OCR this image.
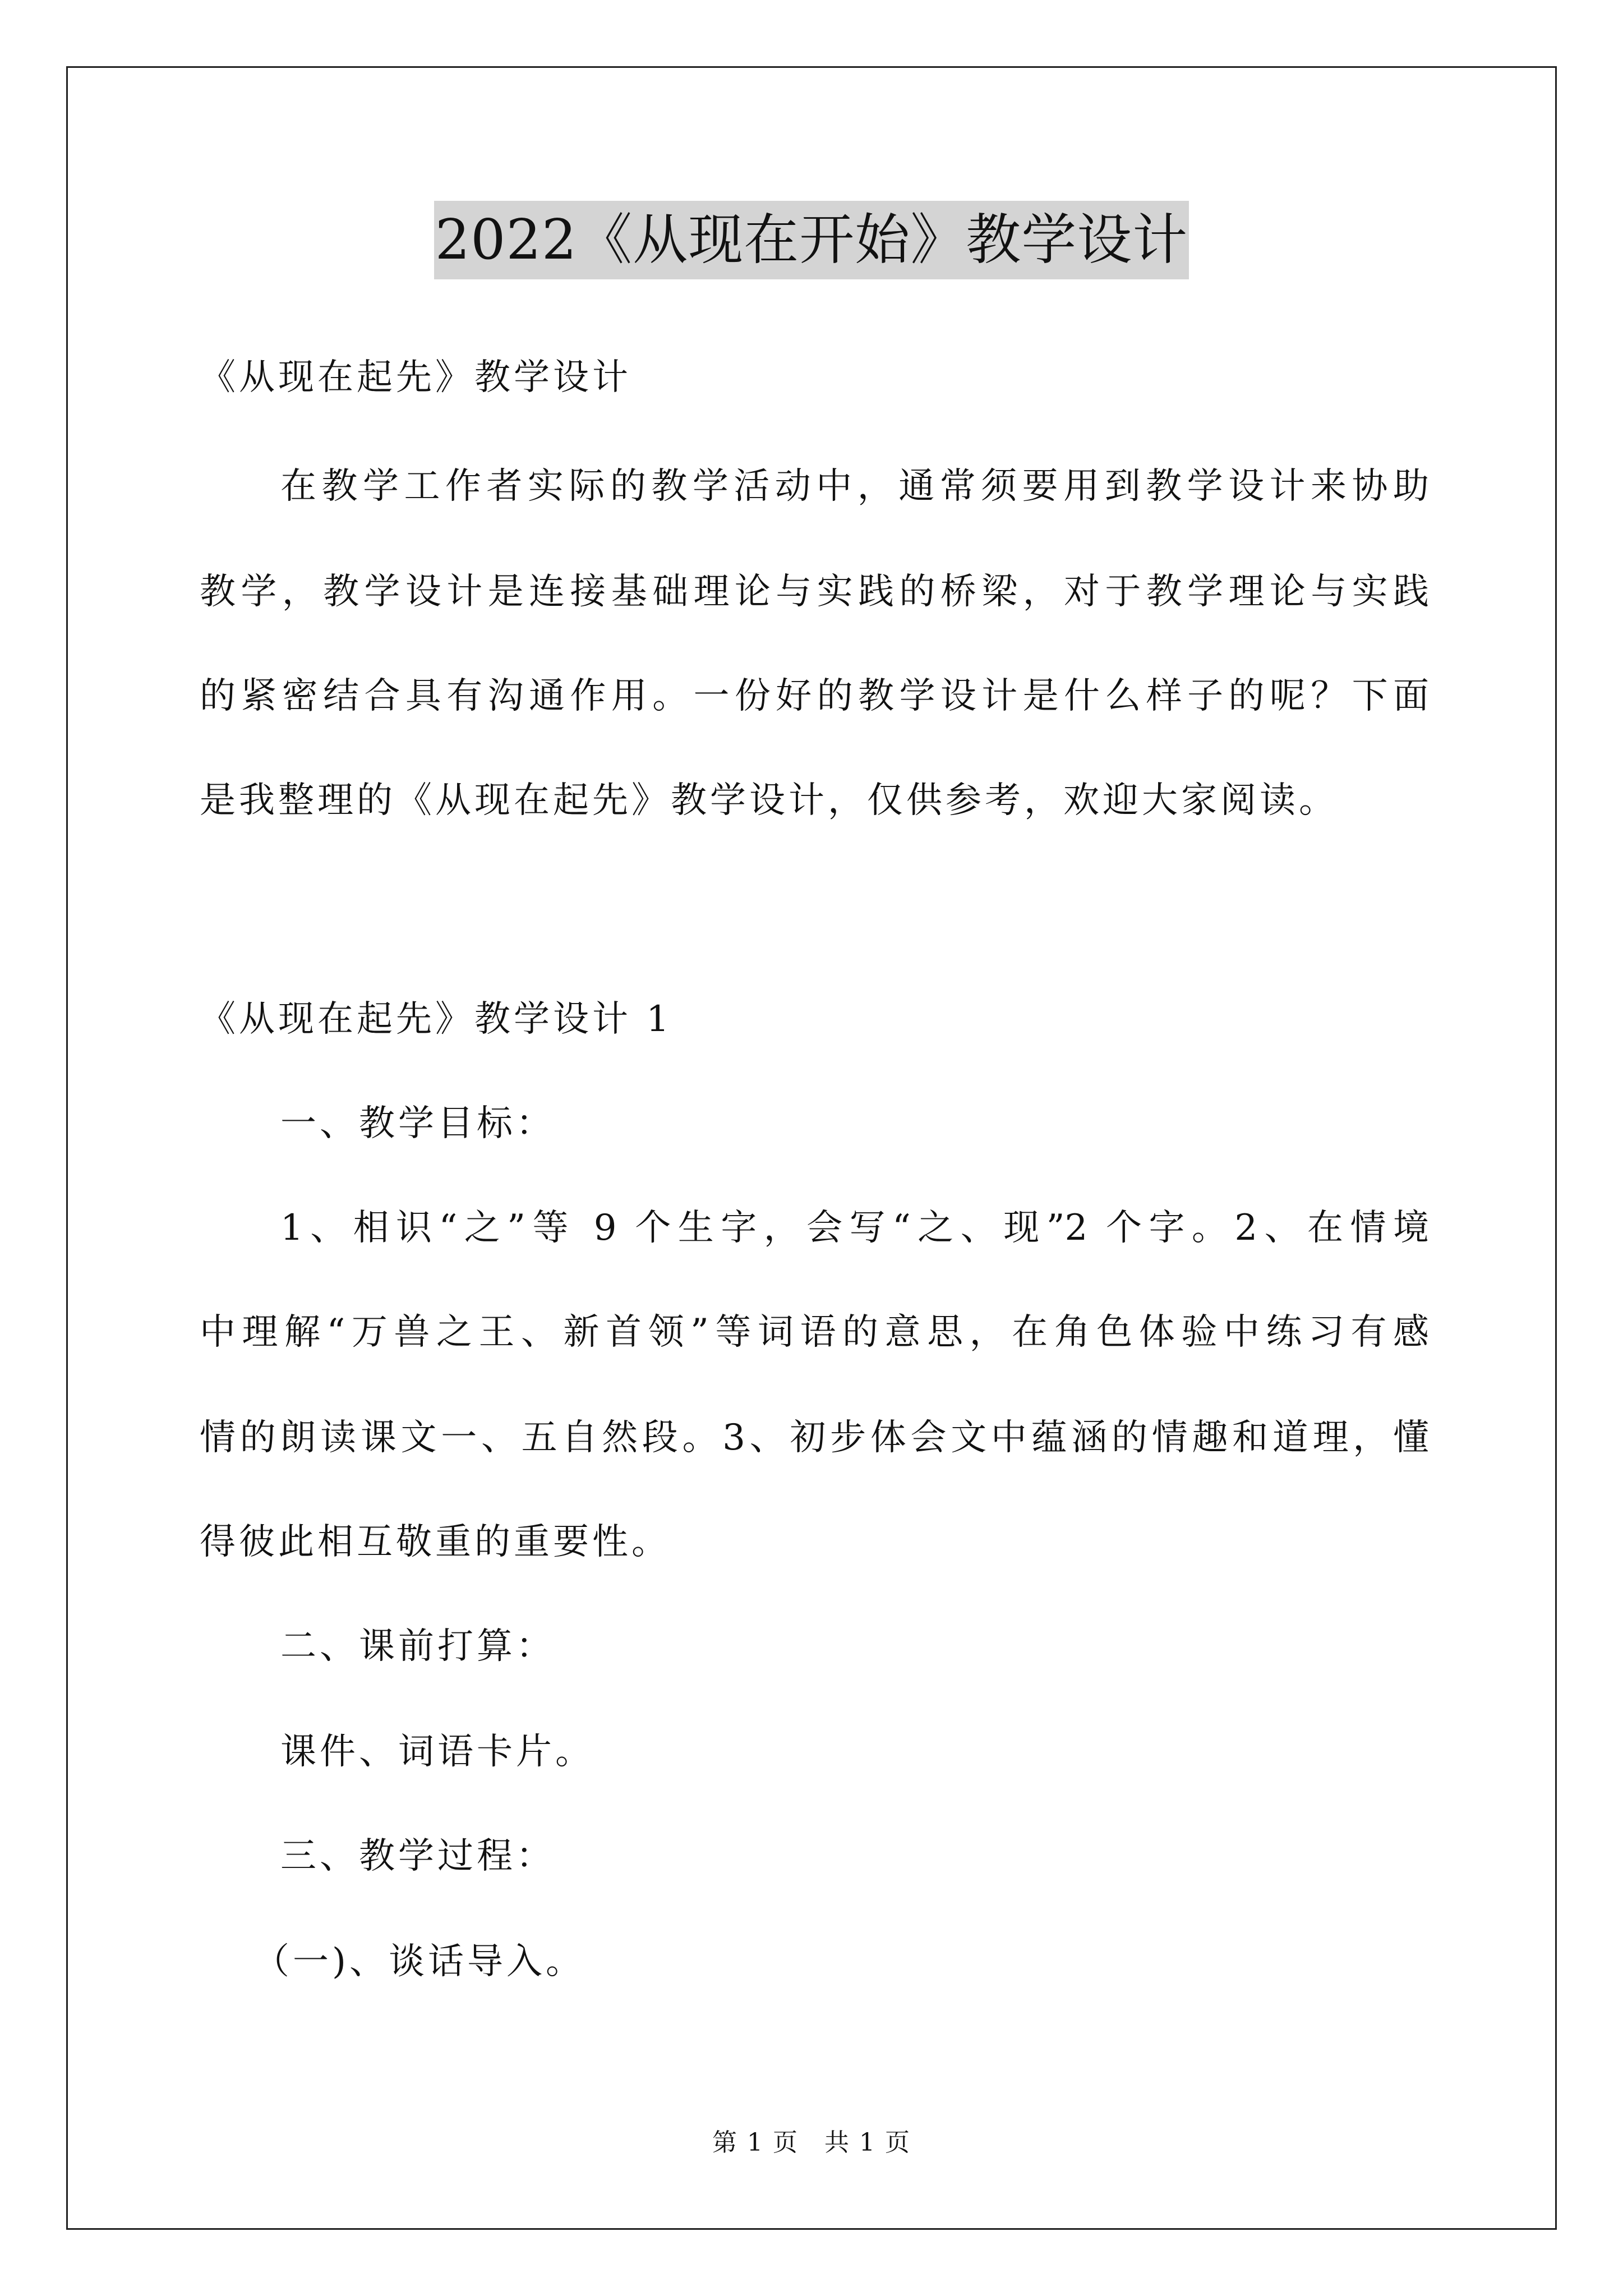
2022《从现在开始》教学设计
《从现在起先》教学设计
在教学工作者实际的教学活动中，通常须要用到教学设计来协助
教学，教学设计是连接基础理论与实践的桥梁，对于教学理论与实践
的紧密结合具有沟通作用。一份好的教学设计是什么样子的呢？下面
是我整理的《从现在起先》教学设计，仅供参考，欢迎大家阅读。
《从现在起先》教学设计 1
一、教学目标：
1、相识“之”等 9 个生字，会写“之、现”2 个字。2、在情境
中理解“万兽之王、新首领”等词语的意思，在角色体验中练习有感
情的朗读课文一、五自然段。3、初步体会文中蕴涵的情趣和道理，懂
得彼此相互敬重的重要性。
二、课前打算：
课件、词语卡片。
三、教学过程：
（一)、谈话导入。
第 1 页　共 1 页
